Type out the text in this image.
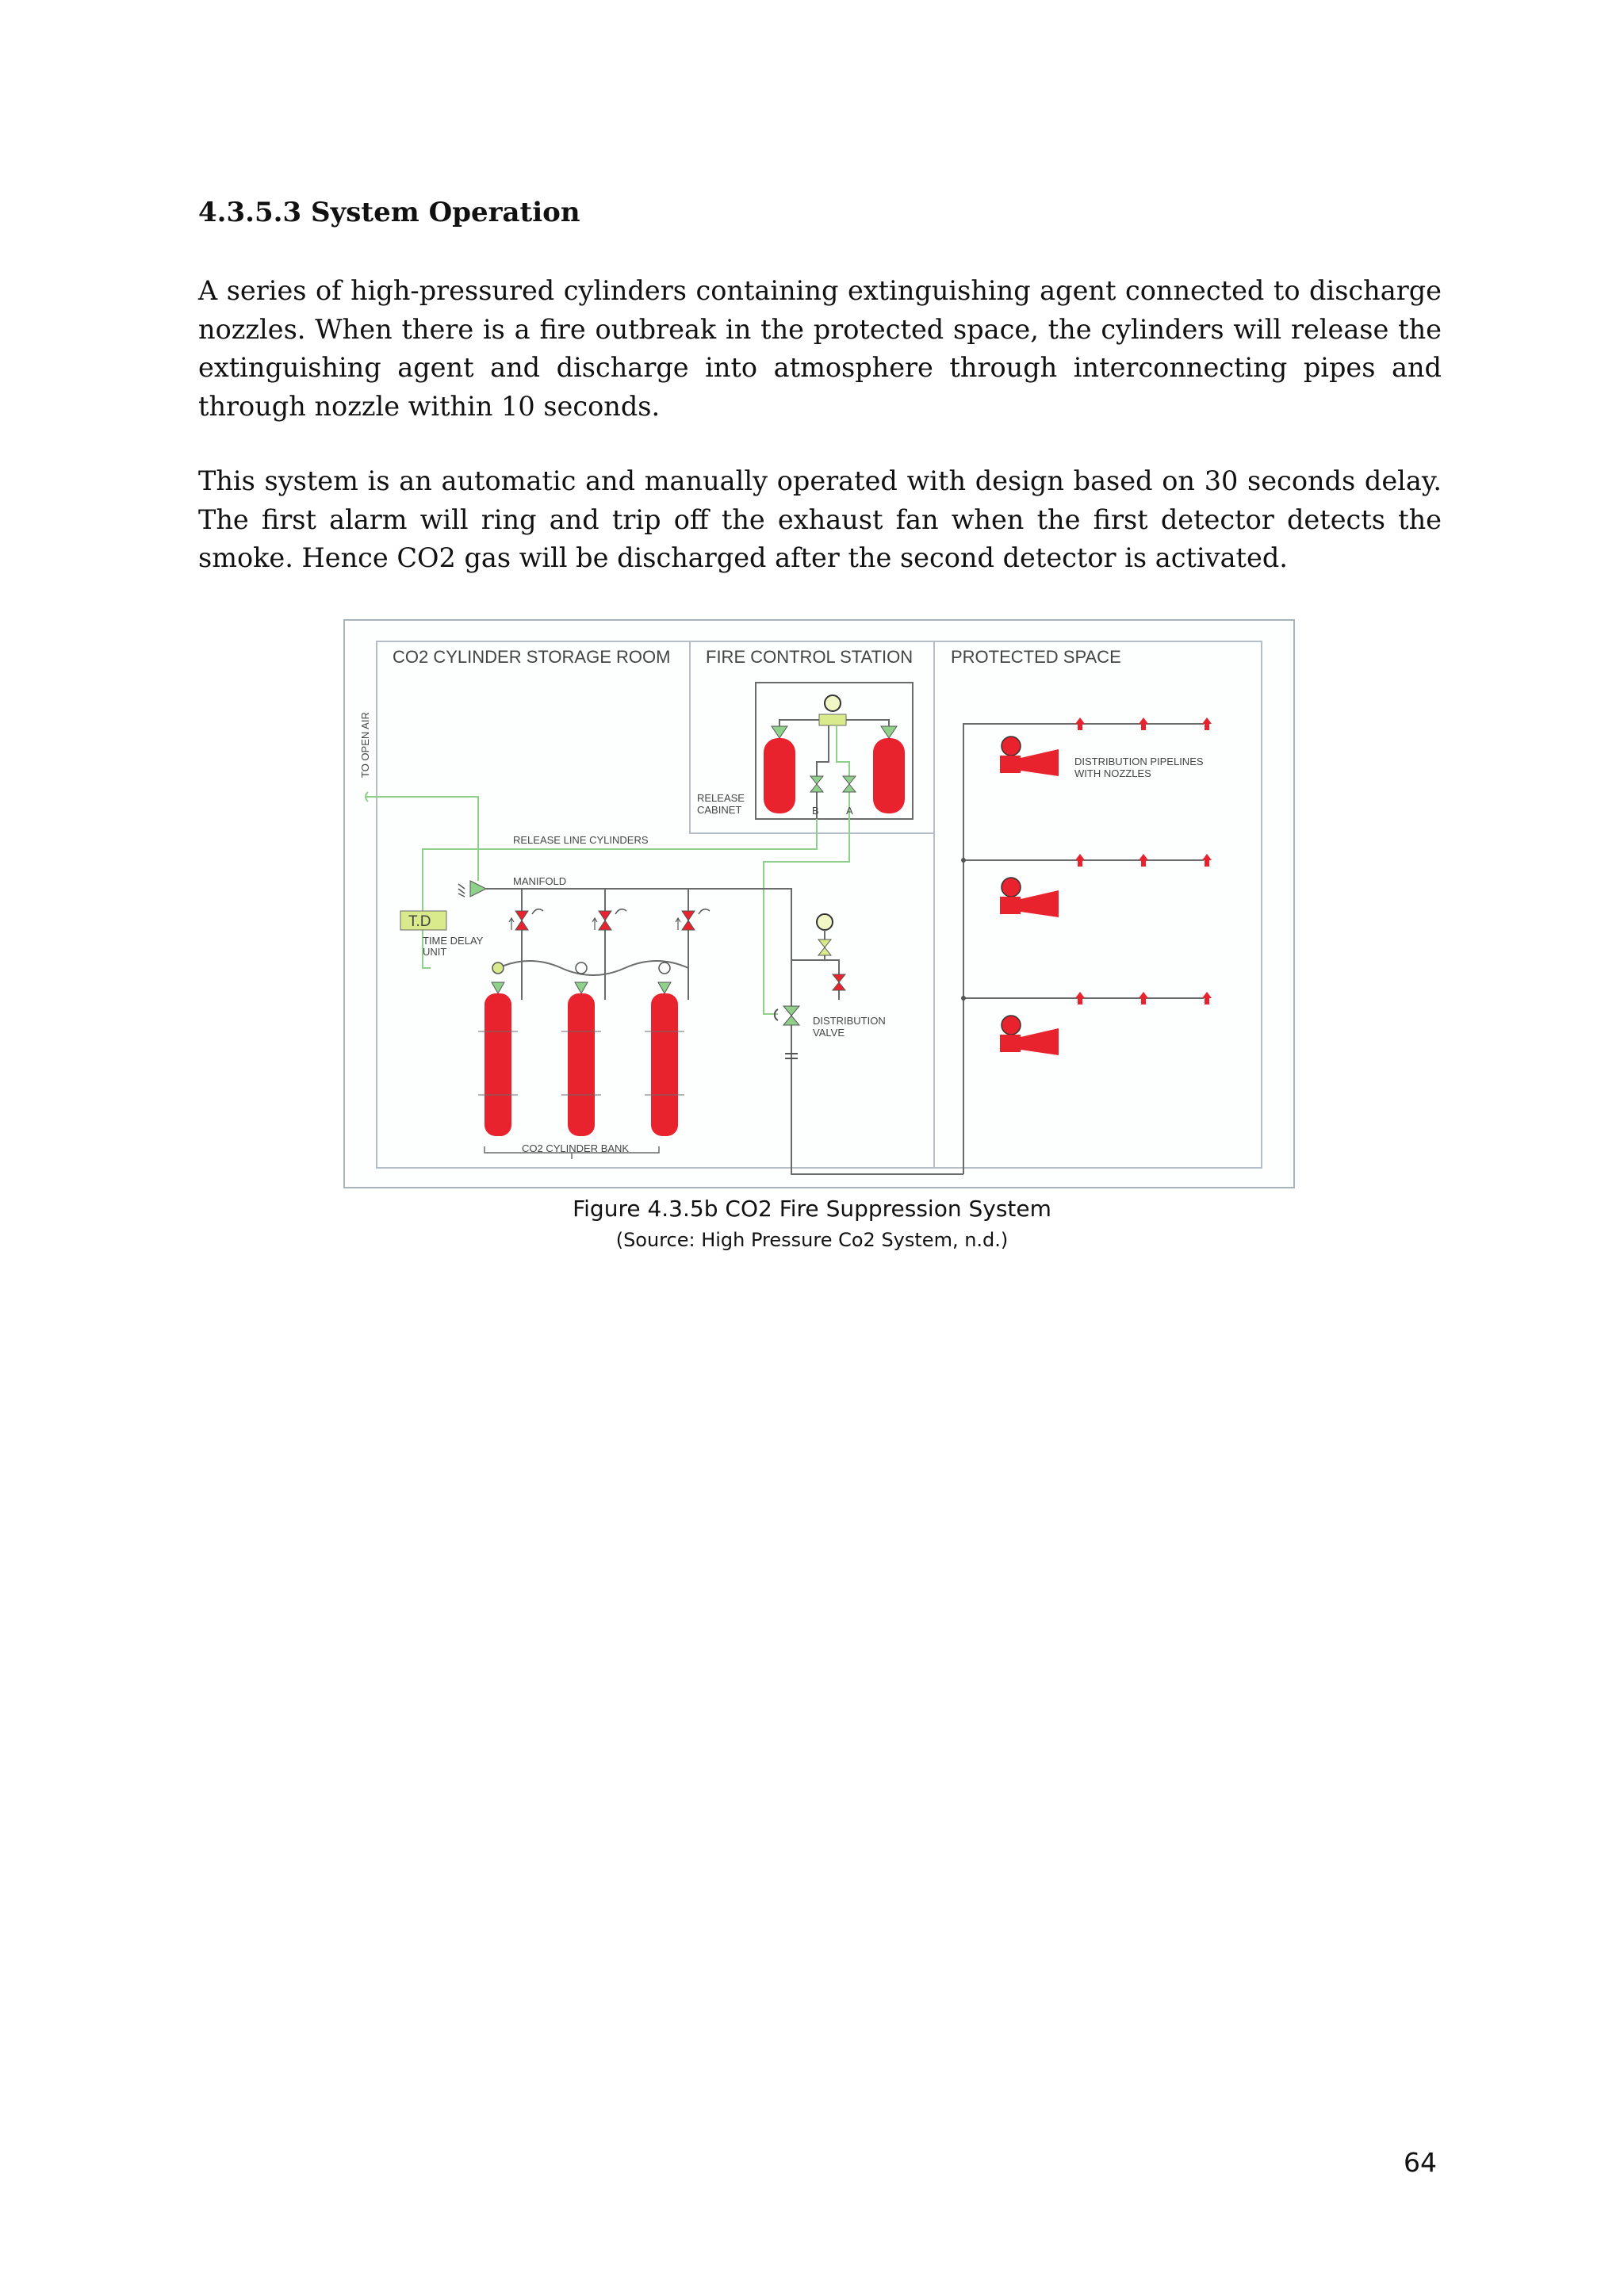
4.3.5.3 System Operation

A series of high-pressured cylinders containing extinguishing agent connected to discharge nozzles. When there is a fire outbreak in the protected space, the cylinders will release the extinguishing agent and discharge into atmosphere through interconnecting pipes and through nozzle within 10 seconds.

This system is an automatic and manually operated with design based on 30 seconds delay. The first alarm will ring and trip off the exhaust fan when the first detector detects the smoke. Hence CO2 gas will be discharged after the second detector is activated.

CO2 CYLINDER STORAGE ROOM FIRE CONTROL STATION PROTECTED SPACE
TO OPEN AIR
RELEASE
CABINET	B	A
RELEASE LINE CYLINDERS
MANIFOLD
T.D
TIME DELAY
UNIT
CO2 CYLINDER BANK
DISTRIBUTION
VALVE
DISTRIBUTION PIPELINES
WITH NOZZLES

Figure 4.3.5b CO2 Fire Suppression System

(Source: High Pressure Co2 System, n.d.)

64
